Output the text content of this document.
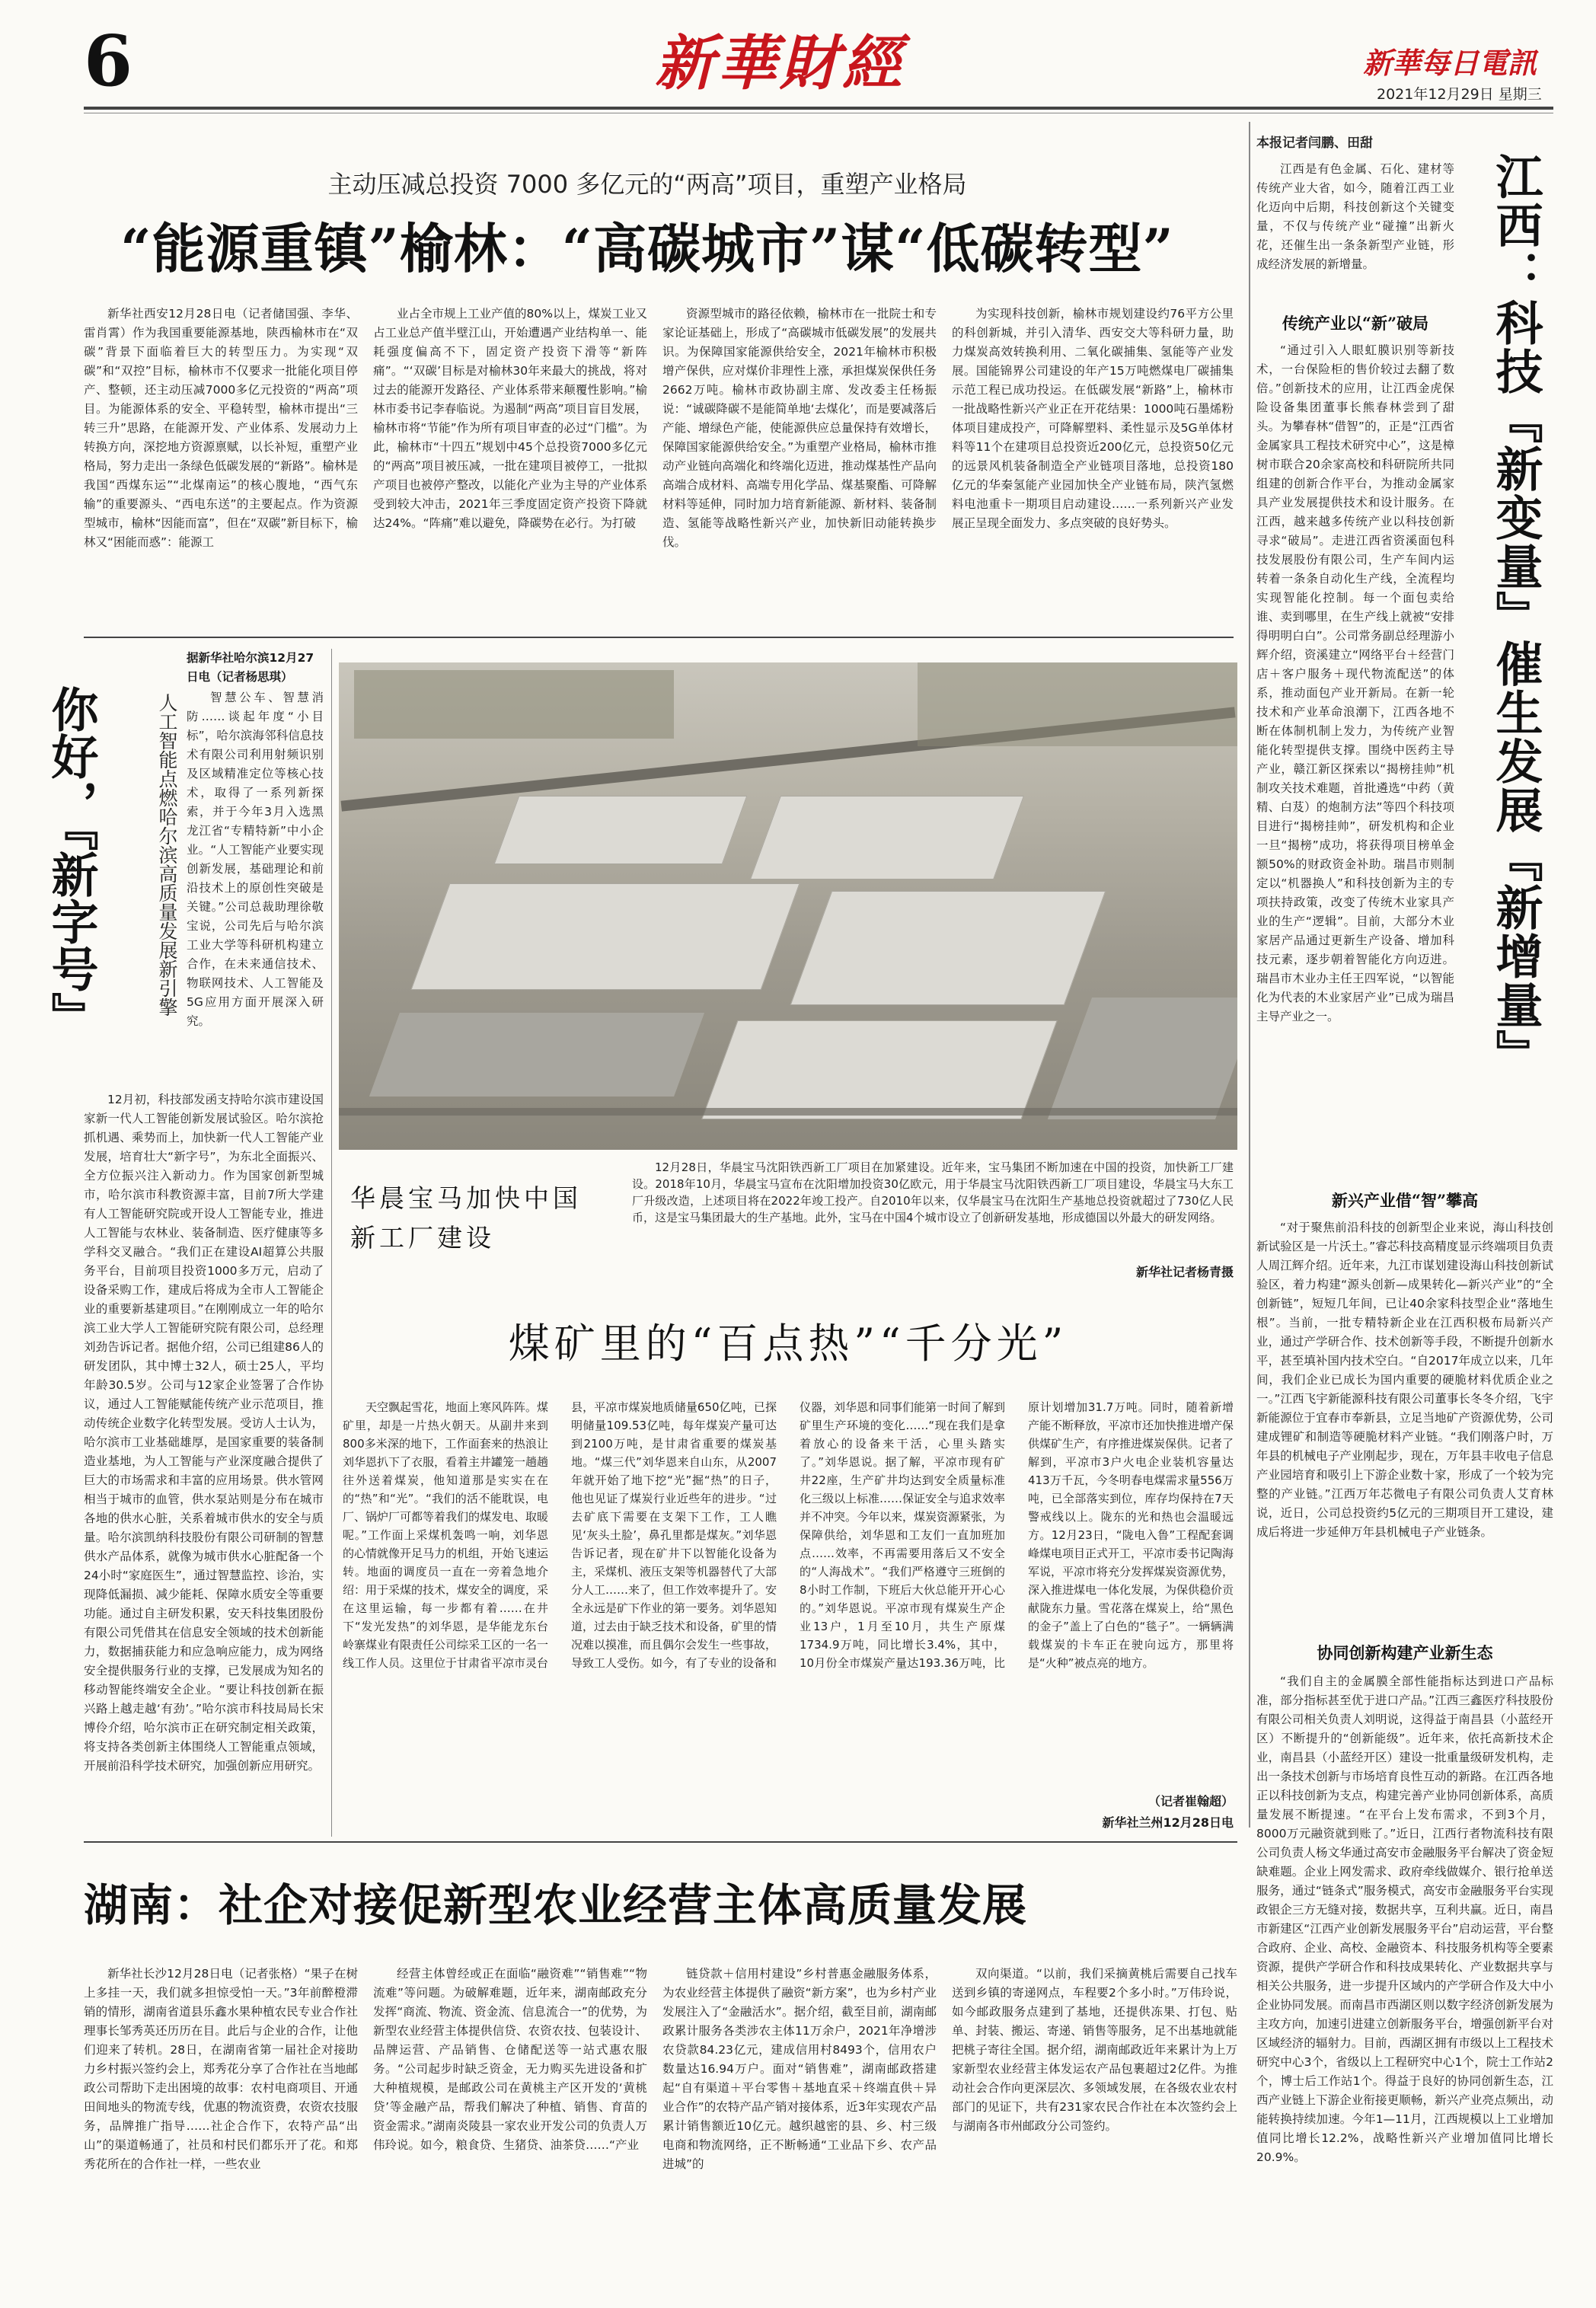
6	新華財經	新華每日電訊
2021年12月29日 星期三
主动压减总投资 7000 多亿元的“两高”项目，重塑产业格局
“能源重镇”榆林：“高碳城市”谋“低碳转型”
新华社西安12月28日电（记者储国强、李华、雷肖霄）作为我国重要能源基地，陕西榆林市在“双碳”背景下面临着巨大的转型压力。为实现“双碳”和“双控”目标，榆林市不仅要求一批能化项目停产、整顿，还主动压减7000多亿元投资的“两高”项目。为能源体系的安全、平稳转型，榆林市提出“三转三升”思路，在能源开发、产业体系、发展动力上转换方向，深挖地方资源禀赋，以长补短，重塑产业格局，努力走出一条绿色低碳发展的“新路”。榆林是我国“西煤东运”“北煤南运”的核心腹地，“西气东输”的重要源头、“西电东送”的主要起点。作为资源型城市，榆林“因能而富”，但在“双碳”新目标下，榆林又“困能而惑”：能源工
业占全市规上工业产值的80%以上，煤炭工业又占工业总产值半壁江山，开始遭遇产业结构单一、能耗强度偏高不下，固定资产投资下滑等“新阵痛”。“‘双碳’目标是对榆林30年来最大的挑战，将对过去的能源开发路径、产业体系带来颠覆性影响。”榆林市委书记李春临说。为遏制“两高”项目盲目发展，榆林市将“节能”作为所有项目审查的必过“门槛”。为此，榆林市“十四五”规划中45个总投资7000多亿元的“两高”项目被压减，一批在建项目被停工，一批拟产项目也被停产整改，以能化产业为主导的产业体系受到较大冲击，2021年三季度固定资产投资下降就达24%。“阵痛”难以避免，降碳势在必行。为打破
资源型城市的路径依赖，榆林市在一批院士和专家论证基础上，形成了“高碳城市低碳发展”的发展共识。为保障国家能源供给安全，2021年榆林市积极增产保供，应对煤价非理性上涨，承担煤炭保供任务2662万吨。榆林市政协副主席、发改委主任杨振说：“诚碳降碳不是能简单地‘去煤化’，而是要减落后产能、增绿色产能，使能源供应总量保持有效增长，保障国家能源供给安全。”为重塑产业格局，榆林市推动产业链向高端化和终端化迈进，推动煤基性产品向高端合成材料、高端专用化学品、煤基聚酯、可降解材料等延伸，同时加力培育新能源、新材料、装备制造、氢能等战略性新兴产业，加快新旧动能转换步伐。
为实现科技创新，榆林市规划建设约76平方公里的科创新城，并引入清华、西安交大等科研力量，助力煤炭高效转换利用、二氧化碳捕集、氢能等产业发展。国能锦界公司建设的年产15万吨燃煤电厂碳捕集示范工程已成功投运。在低碳发展“新路”上，榆林市一批战略性新兴产业正在开花结果：1000吨石墨烯粉体项目建成投产，可降解塑料、柔性显示及5G单体材料等11个在建项目总投资近200亿元，总投资50亿元的远景风机装备制造全产业链项目落地，总投资180亿元的华秦氢能产业园加快全产业链布局，陕汽氢燃料电池重卡一期项目启动建设……一系列新兴产业发展正呈现全面发力、多点突破的良好势头。
本报记者闫鹏、田甜
江西是有色金属、石化、建材等传统产业大省，如今，随着江西工业化迈向中后期，科技创新这个关键变量，不仅与传统产业“碰撞”出新火花，还催生出一条条新型产业链，形成经济发展的新增量。	江西：科技『新变量』催生发展『新增量』
传统产业以“新”破局
“通过引入人眼虹膜识别等新技术，一台保险柜的售价较过去翻了数倍。”创新技术的应用，让江西金虎保险设备集团董事长熊春林尝到了甜头。为攀春林“借智”的，正是“江西省金属家具工程技术研究中心”，这是樟树市联合20余家高校和科研院所共同组建的创新合作平台，为推动金属家具产业发展提供技术和设计服务。在江西，越来越多传统产业以科技创新寻求“破局”。走进江西省资溪面包科技发展股份有限公司，生产车间内运转着一条条自动化生产线，全流程均实现智能化控制。每一个面包卖给谁、卖到哪里，在生产线上就被“安排得明明白白”。公司常务副总经理游小辉介绍，资溪建立“网络平台＋经营门店＋客户服务＋现代物流配送”的体系，推动面包产业开新局。在新一轮技术和产业革命浪潮下，江西各地不断在体制机制上发力，为传统产业智能化转型提供支撑。围绕中医药主导产业，赣江新区探索以“揭榜挂帅”机制攻关技术难题，首批遴选“中药（黄精、白芨）的炮制方法”等四个科技项目进行“揭榜挂帅”，研发机构和企业一旦“揭榜”成功，将获得项目榜单金额50%的财政资金补助。瑞昌市则制定以“机器换人”和科技创新为主的专项扶持政策，改变了传统木业家具产业的生产“逻辑”。目前，大部分木业家居产品通过更新生产设备、增加科技元素，逐步朝着智能化方向迈进。瑞昌市木业办主任王四军说，“以智能化为代表的木业家居产业”已成为瑞昌主导产业之一。
新兴产业借“智”攀高
“对于聚焦前沿科技的创新型企业来说，海山科技创新试验区是一片沃土。”睿芯科技高精度显示终端项目负责人周江辉介绍。近年来，九江市谋划建设海山科技创新试验区，着力构建“源头创新—成果转化—新兴产业”的“全创新链”，短短几年间，已让40余家科技型企业“落地生根”。当前，一批专精特新企业在江西积极布局新兴产业，通过产学研合作、技术创新等手段，不断提升创新水平，甚至填补国内技术空白。“自2017年成立以来，几年间，我们企业已成长为国内重要的硬脆材料优质企业之一。”江西飞宇新能源科技有限公司董事长冬冬介绍，飞宇新能源位于宜春市奉新县，立足当地矿产资源优势，公司建成锂矿和制造等硬脆材料产业链。“我们刚落户时，万年县的机械电子产业刚起步，现在，万年县丰收电子信息产业园培育和吸引上下游企业数十家，形成了一个较为完整的产业链。”江西万年芯微电子有限公司负责人艾育林说，近日，公司总投资约5亿元的三期项目开工建设，建成后将进一步延伸万年县机械电子产业链条。
协同创新构建产业新生态
“我们自主的金属膜全部性能指标达到进口产品标准，部分指标甚至优于进口产品。”江西三鑫医疗科技股份有限公司相关负责人刘明说，这得益于南昌县（小蓝经开区）不断提升的“创新能级”。近年来，依托高新技术企业，南昌县（小蓝经开区）建设一批重量级研发机构，走出一条技术创新与市场培育良性互动的新路。在江西各地正以科技创新为支点，构建完善产业协同创新体系，高质量发展不断提速。“在平台上发布需求，不到3个月，8000万元融资就到账了。”近日，江西行者物流科技有限公司负责人杨文华通过高安市金融服务平台解决了资金短缺难题。企业上网发需求、政府牵线做媒介、银行抢单送服务，通过“链条式”服务模式，高安市金融服务平台实现政银企三方无缝对接，数据共享，互利共赢。近日，南昌市新建区“江西产业创新发展服务平台”启动运营，平台整合政府、企业、高校、金融资本、科技服务机构等全要素资源，提供产学研合作和科技成果转化、产业数据共享与相关公共服务，进一步提升区域内的产学研合作及大中小企业协同发展。而南昌市西湖区则以数字经济创新发展为主攻方向，加速引进建立创新服务平台，增强创新平台对区域经济的辐射力。目前，西湖区拥有市级以上工程技术研究中心3个，省级以上工程研究中心1个，院士工作站2个，博士后工作站1个。得益于良好的协同创新生态，江西产业链上下游企业衔接更顺畅，新兴产业亮点频出，动能转换持续加速。今年1—11月，江西规模以上工业增加值同比增长12.2%，战略性新兴产业增加值同比增长20.9%。
据新华社哈尔滨12月27日电（记者杨思琪）
你好，『新字号』	人工智能点燃哈尔滨高质量发展新引擎	智慧公车、智慧消防……谈起年度“小目标”，哈尔滨海邻科信息技术有限公司利用射频识别及区域精准定位等核心技术，取得了一系列新探索，并于今年3月入选黑龙江省“专精特新”中小企业。“人工智能产业要实现创新发展，基础理论和前沿技术上的原创性突破是关键。”公司总裁助理徐敬宝说，公司先后与哈尔滨工业大学等科研机构建立合作，在未来通信技术、物联网技术、人工智能及5G应用方面开展深入研究。
12月初，科技部发函支持哈尔滨市建设国家新一代人工智能创新发展试验区。哈尔滨抢抓机遇、乘势而上，加快新一代人工智能产业发展，培育壮大“新字号”，为东北全面振兴、全方位振兴注入新动力。作为国家创新型城市，哈尔滨市科教资源丰富，目前7所大学建有人工智能研究院或开设人工智能专业，推进人工智能与农林业、装备制造、医疗健康等多学科交叉融合。“我们正在建设AI超算公共服务平台，目前项目投资1000多万元，启动了设备采购工作，建成后将成为全市人工智能企业的重要新基建项目。”在刚刚成立一年的哈尔滨工业大学人工智能研究院有限公司，总经理刘劲告诉记者。据他介绍，公司已组建86人的研发团队，其中博士32人，硕士25人，平均年龄30.5岁。公司与12家企业签署了合作协议，通过人工智能赋能传统产业示范项目，推动传统企业数字化转型发展。受访人士认为，哈尔滨市工业基础雄厚，是国家重要的装备制造业基地，为人工智能与产业深度融合提供了巨大的市场需求和丰富的应用场景。供水管网相当于城市的血管，供水泵站则是分布在城市各地的供水心脏，关系着城市供水的安全与质量。哈尔滨凯纳科技股份有限公司研制的智慧供水产品体系，就像为城市供水心脏配备一个24小时“家庭医生”，通过智慧监控、诊治，实现降低漏损、减少能耗、保障水质安全等重要功能。通过自主研发积累，安天科技集团股份有限公司凭借其在信息安全领域的技术创新能力，数据捕获能力和应急响应能力，成为网络安全提供服务行业的支撑，已发展成为知名的移动智能终端安全企业。“要让科技创新在振兴路上越走越‘有劲’。”哈尔滨市科技局局长宋博伶介绍，哈尔滨市正在研究制定相关政策，将支持各类创新主体围绕人工智能重点领域，开展前沿科学技术研究，加强创新应用研究。
华晨宝马加快中国新工厂建设
12月28日，华晨宝马沈阳铁西新工厂项目在加紧建设。近年来，宝马集团不断加速在中国的投资，加快新工厂建设。2018年10月，华晨宝马宣布在沈阳增加投资30亿欧元，用于华晨宝马沈阳铁西新工厂项目建设，华晨宝马大东工厂升级改造，上述项目将在2022年竣工投产。自2010年以来，仅华晨宝马在沈阳生产基地总投资就超过了730亿人民币，这是宝马集团最大的生产基地。此外，宝马在中国4个城市设立了创新研发基地，形成德国以外最大的研发网络。
新华社记者杨青摄
煤矿里的“百点热”“千分光”
天空飘起雪花，地面上寒风阵阵。煤矿里，却是一片热火朝天。从副井来到800多米深的地下，工作面套来的热浪让刘华恩扒下了衣服，看着主井罐笼一趟趟往外送着煤炭，他知道那是实实在在的“热”和“光”。“我们的活不能耽误，电厂、锅炉厂可都等着我们的煤发电、取暖呢。”工作面上采煤机轰鸣一响，刘华恩的心情就像开足马力的机组，开始飞速运转。地面的调度员一直在一旁着急地介绍：用于采煤的技术，煤安全的调度，采在这里运输，每一步都有着……在井下“发光发热”的刘华恩，是华能龙东台岭寨煤业有限责任公司综采工区的一名一线工作人员。这里位于甘肃省平凉市灵台县，平凉市煤炭地质储量650亿吨，已探明储量109.53亿吨，每年煤炭产量可达到2100万吨，是甘肃省重要的煤炭基地。“煤三代”刘华恩来自山东，从2007年就开始了地下挖“光”掘“热”的日子，他也见证了煤炭行业近些年的进步。“过去矿底下需要在支架下工作，工人瞧见‘灰头土脸’，鼻孔里都是煤灰。”刘华恩告诉记者，现在矿井下以智能化设备为主，采煤机、液压支架等机器替代了大部分人工……来了，但工作效率提升了。安全永远是矿下作业的第一要务。刘华恩知道，过去由于缺乏技术和设备，矿里的情况难以摸准，而且偶尔会发生一些事故，导致工人受伤。如今，有了专业的设备和仪器，刘华恩和同事们能第一时间了解到矿里生产环境的变化……“现在我们是拿着放心的设备来干活，心里头踏实了。”刘华恩说。据了解，平凉市现有矿井22座，生产矿井均达到安全质量标准化三级以上标准……保证安全与追求效率并不冲突。今年以来，煤炭资源紧张，为保障供给，刘华恩和工友们一直加班加点……效率，不再需要用落后又不安全的“人海战术”。“我们严格遵守三班倒的8小时工作制，下班后大伙总能开开心心的。”刘华恩说。平凉市现有煤炭生产企业13户，1月至10月，共生产原煤1734.9万吨，同比增长3.4%，其中，10月份全市煤炭产量达193.36万吨，比原计划增加31.7万吨。同时，随着新增产能不断释放，平凉市还加快推进增产保供煤矿生产，有序推进煤炭保供。记者了解到，平凉市3户火电企业装机容量达413万千瓦，今冬明春电煤需求量556万吨，已全部落实到位，库存均保持在7天警戒线以上。陇东的光和热也会温暖远方。12月23日，“陇电入鲁”工程配套调峰煤电项目正式开工，平凉市委书记陶海军说，平凉市将充分发挥煤炭资源优势，深入推进煤电一体化发展，为保供稳价贡献陇东力量。雪花落在煤炭上，给“黑色的金子”盖上了白色的“毯子”。一辆辆满载煤炭的卡车正在驶向远方，那里将是“火种”被点亮的地方。
（记者崔翰超）
新华社兰州12月28日电
湖南：社企对接促新型农业经营主体高质量发展
新华社长沙12月28日电（记者张格）“果子在树上多挂一天，我们就多担惊受怕一天。”3年前醉橙滞销的情形，湖南省道县乐鑫水果种植农民专业合作社理事长邹秀英还历历在目。此后与企业的合作，让他们迎来了转机。28日，在湖南省第一届社企对接助力乡村振兴签约会上，郑秀花分享了合作社在当地邮政公司帮助下走出困境的故事：农村电商项目、开通田间地头的物流专线，优惠的物流资费，农资农技服务，品牌推广指导……社企合作下，农特产品“出山”的渠道畅通了，社员和村民们都乐开了花。和郑秀花所在的合作社一样，一些农业
经营主体曾经或正在面临“融资难”“销售难”“物流难”等问题。为破解难题，近年来，湖南邮政充分发挥“商流、物流、资金流、信息流合一”的优势，为新型农业经营主体提供信贷、农资农技、包装设计、品牌运营、产品销售、仓储配送等一站式惠农服务。“公司起步时缺乏资金，无力购买先进设备和扩大种植规模，是邮政公司在黄桃主产区开发的‘黄桃贷’等金融产品，帮我们解决了种植、销售、育苗的资金需求。”湖南炎陵县一家农业开发公司的负责人万伟玲说。如今，粮食贷、生猪贷、油茶贷……“产业
链贷款＋信用村建设”乡村普惠金融服务体系，为农业经营主体提供了融资“新方案”，也为乡村产业发展注入了“金融活水”。据介绍，截至目前，湖南邮政累计服务各类涉农主体11万余户，2021年净增涉农贷款84.23亿元，建成信用村8493个，信用农户数量达16.94万户。面对“销售难”，湖南邮政搭建起“自有渠道＋平台零售＋基地直采＋终端直供＋异业合作”的农特产品产销对接体系，近3年实现农产品累计销售额近10亿元。越织越密的县、乡、村三级电商和物流网络，正不断畅通“工业品下乡、农产品进城”的
双向渠道。“以前，我们采摘黄桃后需要自己找车送到乡镇的寄递网点，车程要2个多小时。”万伟玲说，如今邮政服务点建到了基地，还提供冻果、打包、贴单、封装、搬运、寄递、销售等服务，足不出基地就能把桃子寄往全国。据介绍，湖南邮政近年来累计为上万家新型农业经营主体发运农产品包裹超过2亿件。为推动社会合作向更深层次、多领域发展，在各级农业农村部门的见证下，共有231家农民合作社在本次签约会上与湖南各市州邮政分公司签约。
